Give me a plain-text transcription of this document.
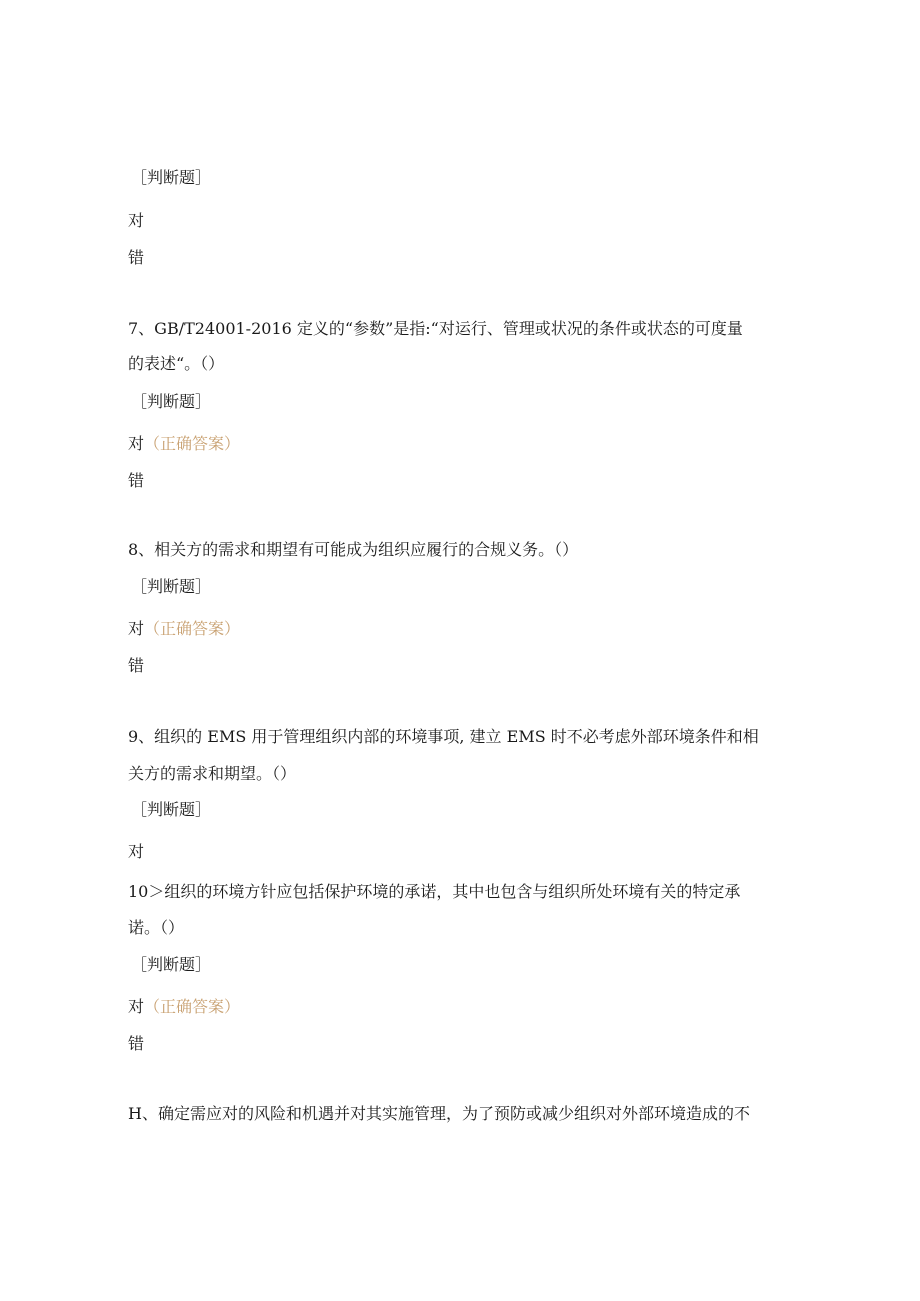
［判断题］
对
错
7、GB/T24001-2016 定义的“参数”是指:“对运行、管理或状况的条件或状态的可度量
的表述“。（）
［判断题］
对（正确答案）
错
8、相关方的需求和期望有可能成为组织应履行的合规义务。（）
［判断题］
对（正确答案）
错
9、组织的 EMS 用于管理组织内部的环境事项, 建立 EMS 时不必考虑外部环境条件和相
关方的需求和期望。（）
［判断题］
对
10＞组织的环境方针应包括保护环境的承诺，其中也包含与组织所处环境有关的特定承
诺。（）
［判断题］
对（正确答案）
错
H、确定需应对的风险和机遇并对其实施管理，为了预防或减少组织对外部环境造成的不
